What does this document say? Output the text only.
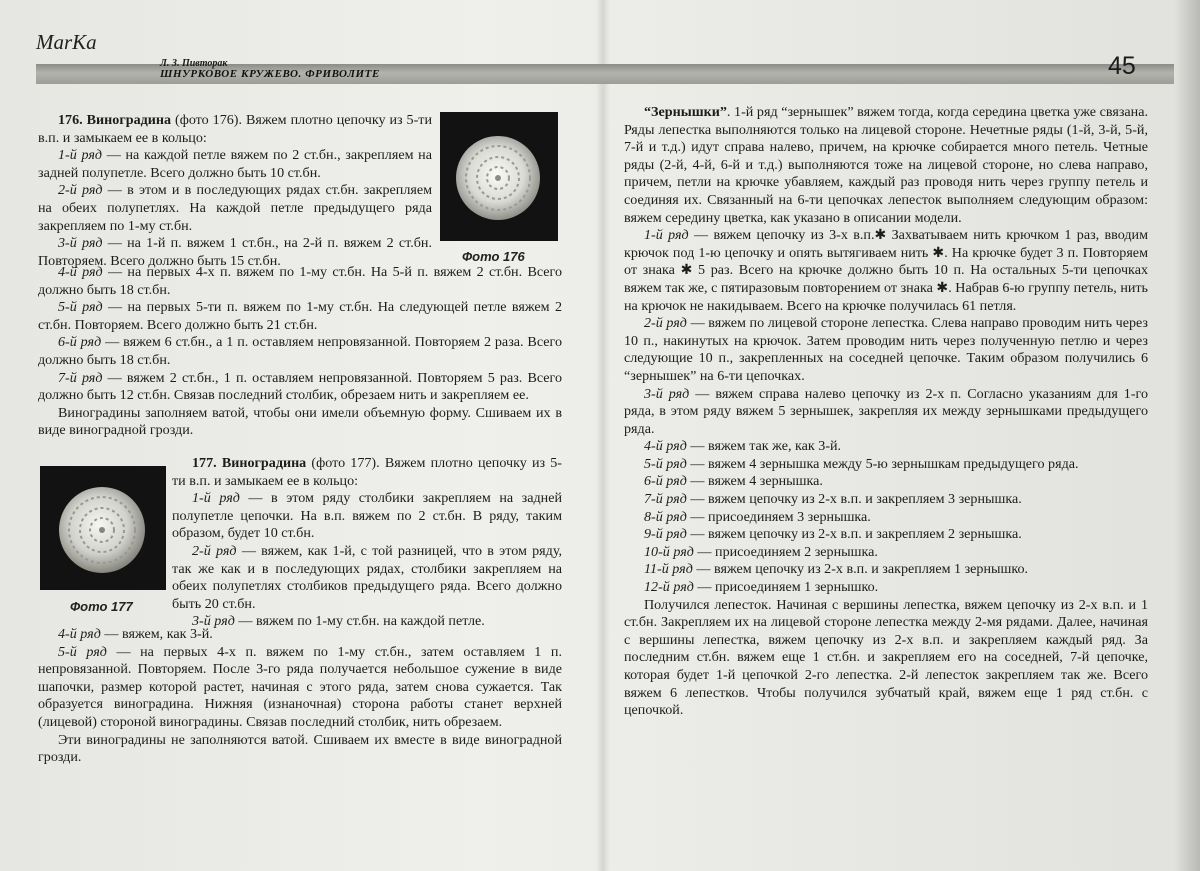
MarKa
Л. З. Пивторак
ШНУРКОВОЕ КРУЖЕВО. ФРИВОЛИТЕ	45

176. Виноградина (фото 176). Вяжем плотно цепочку из 5-ти в.п. и замыкаем ее в кольцо:

1-й ряд — на каждой петле вяжем по 2 ст.бн., закрепляем на задней полупетле. Всего должно быть 10 ст.бн.

2-й ряд — в этом и в последующих рядах ст.бн. закрепляем на обеих полупетлях. На каждой петле предыдущего ряда закрепляем по 1-му ст.бн.

3-й ряд — на 1-й п. вяжем 1 ст.бн., на 2-й п. вяжем 2 ст.бн. Повторяем. Всего должно быть 15 ст.бн.

4-й ряд — на первых 4-х п. вяжем по 1-му ст.бн. На 5-й п. вяжем 2 ст.бн. Всего должно быть 18 ст.бн.

5-й ряд — на первых 5-ти п. вяжем по 1-му ст.бн. На следующей петле вяжем 2 ст.бн. Повторяем. Всего должно быть 21 ст.бн.

6-й ряд — вяжем 6 ст.бн., а 1 п. оставляем непровязанной. Повторяем 2 раза. Всего должно быть 18 ст.бн.

7-й ряд — вяжем 2 ст.бн., 1 п. оставляем непровязанной. Повторяем 5 раз. Всего должно быть 12 ст.бн. Связав последний столбик, обрезаем нить и закрепляем ее.

Виноградины заполняем ватой, чтобы они имели объемную форму. Сшиваем их в виде виноградной грозди.

Фото 176
Фото 177

177. Виноградина (фото 177). Вяжем плотно цепочку из 5-ти в.п. и замыкаем ее в кольцо:

1-й ряд — в этом ряду столбики закрепляем на задней полупетле цепочки. На в.п. вяжем по 2 ст.бн. В ряду, таким образом, будет 10 ст.бн.

2-й ряд — вяжем, как 1-й, с той разницей, что в этом ряду, так же как и в последующих рядах, столбики закрепляем на обеих полупетлях столбиков предыдущего ряда. Всего должно быть 20 ст.бн.

3-й ряд — вяжем по 1-му ст.бн. на каждой петле.

4-й ряд — вяжем, как 3-й.

5-й ряд — на первых 4-х п. вяжем по 1-му ст.бн., затем оставляем 1 п. непровязанной. Повторяем. После 3-го ряда получается небольшое сужение в виде шапочки, размер которой растет, начиная с этого ряда, затем снова сужается. Так образуется виноградина. Нижняя (изнаночная) сторона работы станет верхней (лицевой) стороной виноградины. Связав последний столбик, нить обрезаем.

Эти виноградины не заполняются ватой. Сшиваем их вместе в виде виноградной грозди.

“Зернышки”. 1-й ряд “зернышек” вяжем тогда, когда середина цветка уже связана. Ряды лепестка выполняются только на лицевой стороне. Нечетные ряды (1-й, 3-й, 5-й, 7-й и т.д.) идут справа налево, причем, на крючке собирается много петель. Четные ряды (2-й, 4-й, 6-й и т.д.) выполняются тоже на лицевой стороне, но слева направо, причем, петли на крючке убавляем, каждый раз проводя нить через группу петель и соединяя их. Связанный на 6-ти цепочках лепесток выполняем следующим образом: вяжем середину цветка, как указано в описании модели.

1-й ряд — вяжем цепочку из 3-х в.п.✱ Захватываем нить крючком 1 раз, вводим крючок под 1-ю цепочку и опять вытягиваем нить ✱. На крючке будет 3 п. Повторяем от знака ✱ 5 раз. Всего на крючке должно быть 10 п. На остальных 5-ти цепочках вяжем так же, с пятиразовым повторением от знака ✱. Набрав 6-ю группу петель, нить на крючок не накидываем. Всего на крючке получилась 61 петля.

2-й ряд — вяжем по лицевой стороне лепестка. Слева направо проводим нить через 10 п., накинутых на крючок. Затем проводим нить через полученную петлю и через следующие 10 п., закрепленных на соседней цепочке. Таким образом получились 6 “зернышек” на 6-ти цепочках.

3-й ряд — вяжем справа налево цепочку из 2-х п. Согласно указаниям для 1-го ряда, в этом ряду вяжем 5 зернышек, закрепляя их между зернышками предыдущего ряда.

4-й ряд — вяжем так же, как 3-й.

5-й ряд — вяжем 4 зернышка между 5-ю зернышкам предыдущего ряда.

6-й ряд — вяжем 4 зернышка.

7-й ряд — вяжем цепочку из 2-х в.п. и закрепляем 3 зернышка.

8-й ряд — присоединяем 3 зернышка.

9-й ряд — вяжем цепочку из 2-х в.п. и закрепляем 2 зернышка.

10-й ряд — присоединяем 2 зернышка.

11-й ряд — вяжем цепочку из 2-х в.п. и закрепляем 1 зернышко.

12-й ряд — присоединяем 1 зернышко.

Получился лепесток. Начиная с вершины лепестка, вяжем цепочку из 2-х в.п. и 1 ст.бн. Закрепляем их на лицевой стороне лепестка между 2-мя рядами. Далее, начиная с вершины лепестка, вяжем цепочку из 2-х в.п. и закрепляем каждый ряд. За последним ст.бн. вяжем еще 1 ст.бн. и закрепляем его на соседней, 7-й цепочке, которая будет 1-й цепочкой 2-го лепестка. 2-й лепесток закрепляем так же. Всего вяжем 6 лепестков. Чтобы получился зубчатый край, вяжем еще 1 ряд ст.бн. с цепочкой.
